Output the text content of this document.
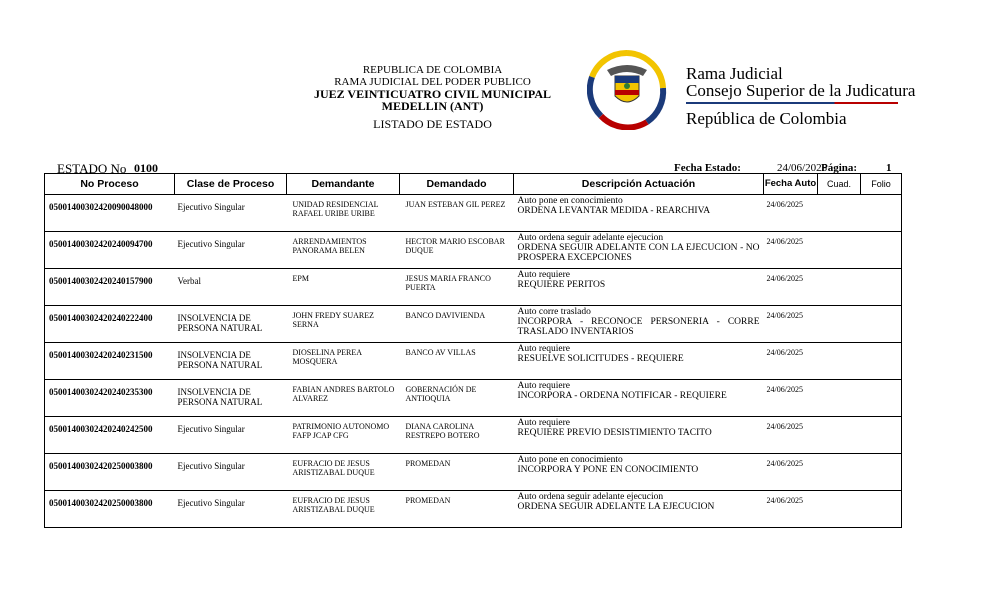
REPUBLICA DE COLOMBIA
RAMA JUDICIAL DEL PODER PUBLICO
JUEZ VEINTICUATRO CIVIL MUNICIPAL
MEDELLIN (ANT)
LISTADO DE ESTADO
Rama Judicial
Consejo Superior de la Judicatura
República de Colombia
ESTADO No 0100	Fecha Estado:	24/06/2025
Página:	1
No Proceso	Clase de Proceso	Demandante	Demandado	Descripción Actuación	Fecha Auto	Cuad.	Folio
05001400302420090048000	Ejecutivo Singular	UNIDAD RESIDENCIAL RAFAEL URIBE URIBE	JUAN ESTEBAN GIL PEREZ	Auto pone en conocimiento
ORDENA LEVANTAR MEDIDA - REARCHIVA	24/06/2025		
05001400302420240094700	Ejecutivo Singular	ARRENDAMIENTOS PANORAMA BELEN	HECTOR MARIO ESCOBAR DUQUE	Auto ordena seguir adelante ejecucion
ORDENA SEGUIR ADELANTE CON LA EJECUCION - NO PROSPERA EXCEPCIONES	24/06/2025		
05001400302420240157900	Verbal	EPM	JESUS MARIA FRANCO PUERTA	Auto requiere
REQUIERE PERITOS	24/06/2025		
05001400302420240222400	INSOLVENCIA DE PERSONA NATURAL	JOHN FREDY SUAREZ SERNA	BANCO DAVIVIENDA	Auto corre traslado
INCORPORA - RECONOCE PERSONERIA - CORRE TRASLADO INVENTARIOS	24/06/2025		
05001400302420240231500	INSOLVENCIA DE PERSONA NATURAL	DIOSELINA PEREA MOSQUERA	BANCO AV VILLAS	Auto requiere
RESUELVE SOLICITUDES - REQUIERE	24/06/2025		
05001400302420240235300	INSOLVENCIA DE PERSONA NATURAL	FABIAN ANDRES BARTOLO ALVAREZ	GOBERNACIÓN DE ANTIOQUIA	Auto requiere
INCORPORA - ORDENA NOTIFICAR - REQUIERE	24/06/2025		
05001400302420240242500	Ejecutivo Singular	PATRIMONIO AUTONOMO FAFP JCAP CFG	DIANA CAROLINA RESTREPO BOTERO	Auto requiere
REQUIERE PREVIO DESISTIMIENTO TACITO	24/06/2025		
05001400302420250003800	Ejecutivo Singular	EUFRACIO DE JESUS ARISTIZABAL DUQUE	PROMEDAN	Auto pone en conocimiento
INCORPORA Y PONE EN CONOCIMIENTO	24/06/2025		
05001400302420250003800	Ejecutivo Singular	EUFRACIO DE JESUS ARISTIZABAL DUQUE	PROMEDAN	Auto ordena seguir adelante ejecucion
ORDENA SEGUIR ADELANTE LA EJECUCION	24/06/2025		
